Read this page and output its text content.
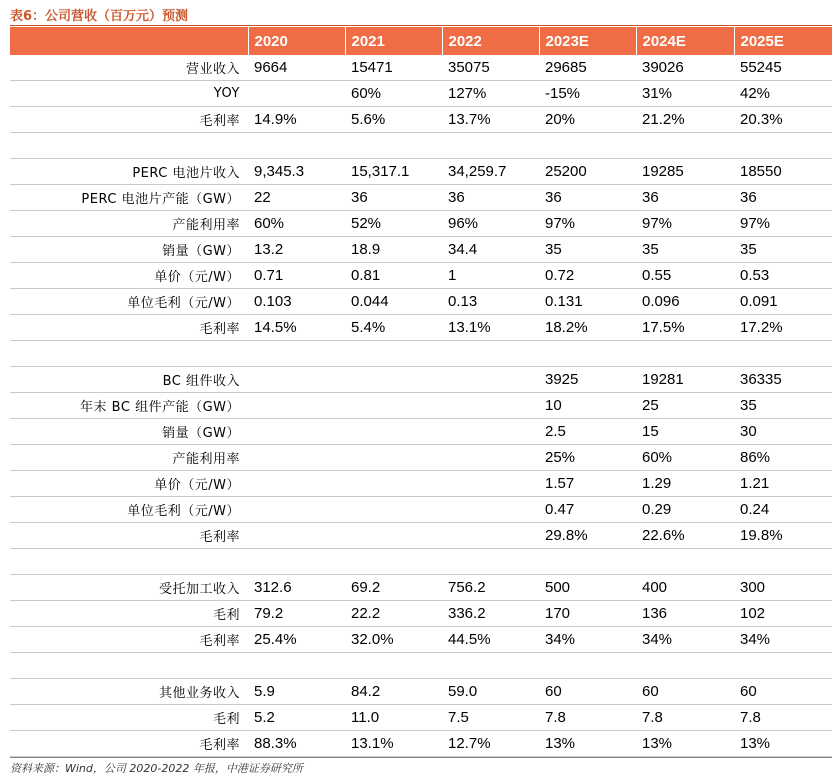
表6：公司营收（百万元）预测
	2020	2021	2022	2023E	2024E	2025E
营业收入	9664	15471	35075	29685	39026	55245
YOY		60%	127%	-15%	31%	42%
毛利率	14.9%	5.6%	13.7%	20%	21.2%	20.3%

PERC 电池片收入	9,345.3	15,317.1	34,259.7	25200	19285	18550
PERC 电池片产能（GW）	22	36	36	36	36	36
产能利用率	60%	52%	96%	97%	97%	97%
销量（GW）	13.2	18.9	34.4	35	35	35
单价（元/W）	0.71	0.81	1	0.72	0.55	0.53
单位毛利（元/W）	0.103	0.044	0.13	0.131	0.096	0.091
毛利率	14.5%	5.4%	13.1%	18.2%	17.5%	17.2%

BC 组件收入				3925	19281	36335
年末 BC 组件产能（GW）				10	25	35
销量（GW）				2.5	15	30
产能利用率				25%	60%	86%
单价（元/W）				1.57	1.29	1.21
单位毛利（元/W）				0.47	0.29	0.24
毛利率				29.8%	22.6%	19.8%

受托加工收入	312.6	69.2	756.2	500	400	300
毛利	79.2	22.2	336.2	170	136	102
毛利率	25.4%	32.0%	44.5%	34%	34%	34%

其他业务收入	5.9	84.2	59.0	60	60	60
毛利	5.2	11.0	7.5	7.8	7.8	7.8
毛利率	88.3%	13.1%	12.7%	13%	13%	13%
资料来源：Wind，公司 2020-2022 年报，中港证券研究所
